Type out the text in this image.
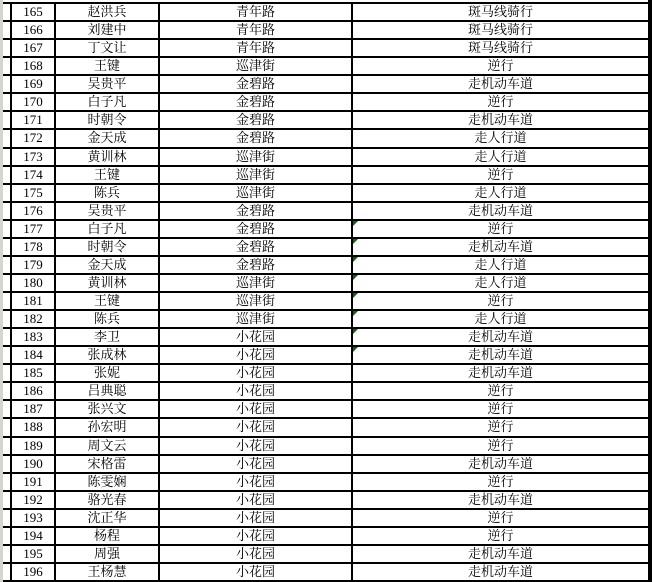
165	赵洪兵	青年路	斑马线骑行
166	刘建中	青年路	斑马线骑行
167	丁文让	青年路	斑马线骑行
168	王键	巡津街	逆行
169	吴贵平	金碧路	走机动车道
170	白子凡	金碧路	逆行
171	时朝令	金碧路	走机动车道
172	金天成	金碧路	走人行道
173	黄训林	巡津街	走人行道
174	王键	巡津街	逆行
175	陈兵	巡津街	走人行道
176	吴贵平	金碧路	走机动车道
177	白子凡	金碧路	逆行
178	时朝令	金碧路	走机动车道
179	金天成	金碧路	走人行道
180	黄训林	巡津街	走人行道
181	王键	巡津街	逆行
182	陈兵	巡津街	走人行道
183	李卫	小花园	走机动车道
184	张成林	小花园	走机动车道
185	张妮	小花园	走机动车道
186	吕典聪	小花园	逆行
187	张兴文	小花园	逆行
188	孙宏明	小花园	逆行
189	周文云	小花园	逆行
190	宋格雷	小花园	走机动车道
191	陈雯娴	小花园	逆行
192	骆光春	小花园	走机动车道
193	沈正华	小花园	逆行
194	杨程	小花园	逆行
195	周强	小花园	走机动车道
196	王杨慧	小花园	走机动车道
